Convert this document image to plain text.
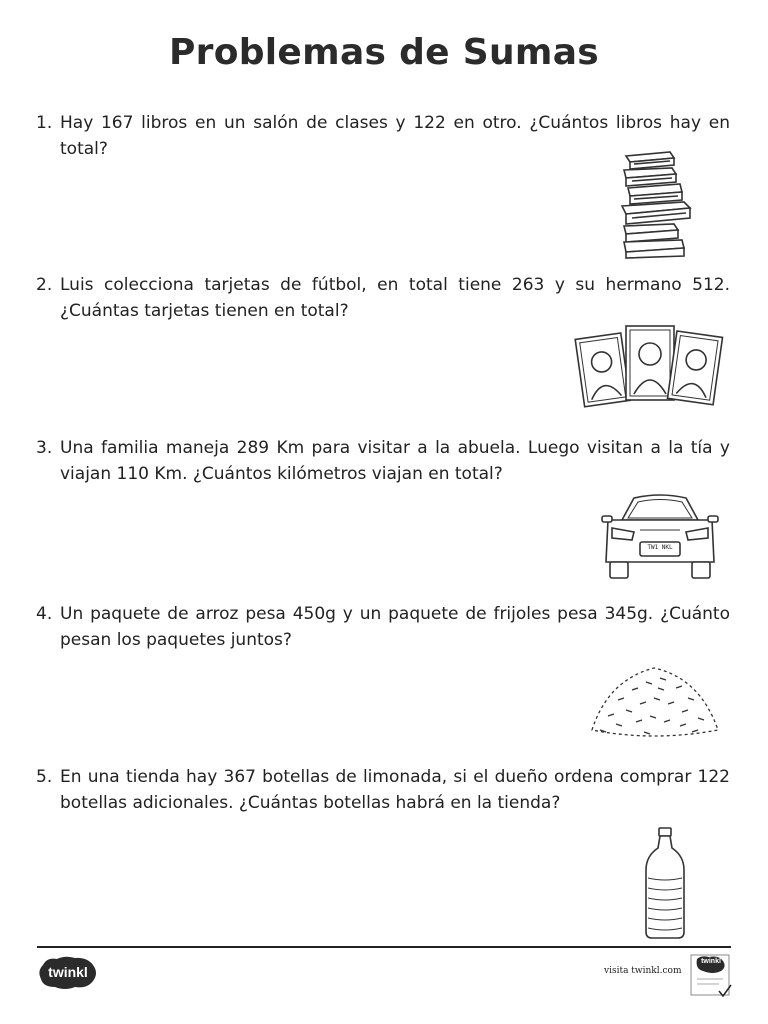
Problemas de Sumas
1. Hay 167 libros en un salón de clases y 122 en otro. ¿Cuántos libros hay en total?
2. Luis colecciona tarjetas de fútbol, en total tiene 263 y su hermano 512. ¿Cuántas tarjetas tienen en total?
3. Una familia maneja 289 Km para visitar a la abuela. Luego visitan a la tía y viajan 110 Km. ¿Cuántos kilómetros viajan en total?
TW1 NKL
4. Un paquete de arroz pesa 450g y un paquete de frijoles pesa 345g. ¿Cuánto pesan los paquetes juntos?
5. En una tienda hay 367 botellas de limonada, si el dueño ordena comprar 122 botellas adicionales. ¿Cuántas botellas habrá en la tienda?
twinkl	visita twinkl.com
twinkl
